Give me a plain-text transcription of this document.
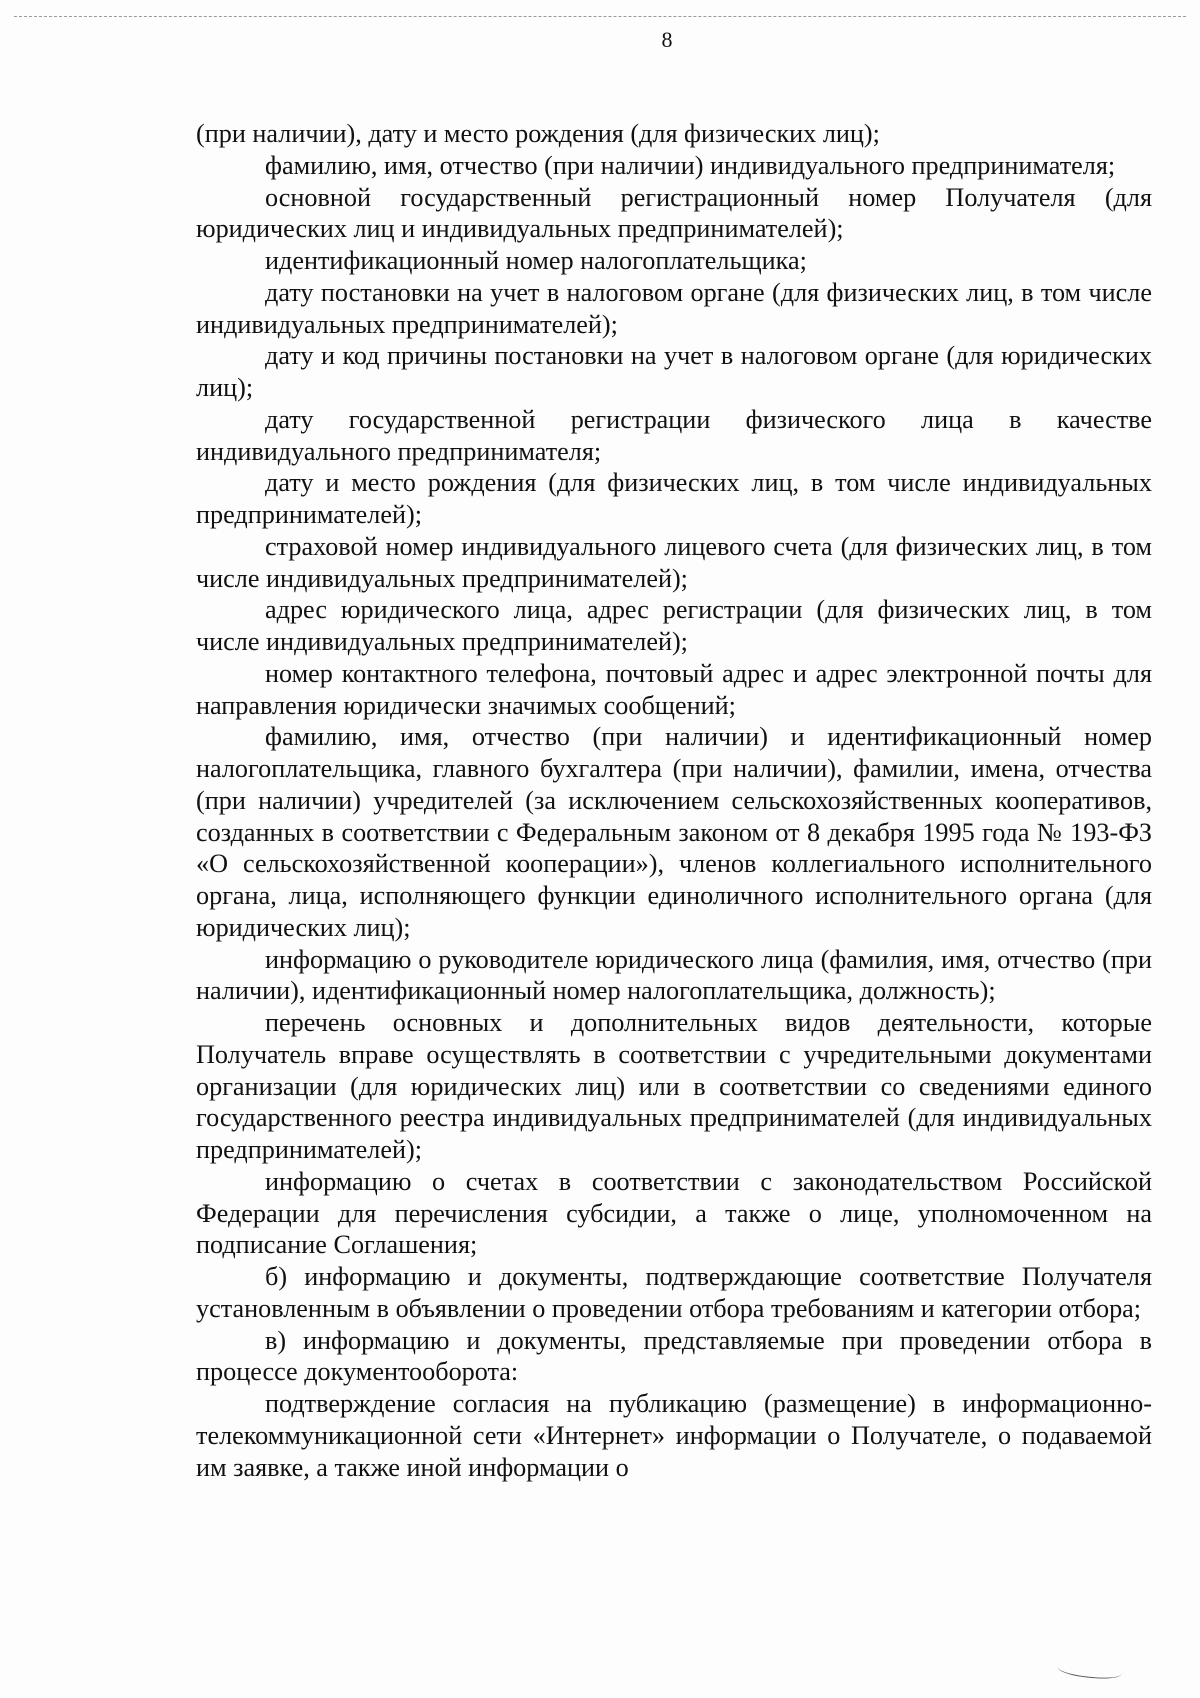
8

(при наличии), дату и место рождения (для физических лиц);

фамилию, имя, отчество (при наличии) индивидуального предпринимателя;

основной государственный регистрационный номер Получателя (для юридических лиц и индивидуальных предпринимателей);

идентификационный номер налогоплательщика;

дату постановки на учет в налоговом органе (для физических лиц, в том числе индивидуальных предпринимателей);

дату и код причины постановки на учет в налоговом органе (для юридических лиц);

дату государственной регистрации физического лица в качестве индивидуального предпринимателя;

дату и место рождения (для физических лиц, в том числе индивидуальных предпринимателей);

страховой номер индивидуального лицевого счета (для физических лиц, в том числе индивидуальных предпринимателей);

адрес юридического лица, адрес регистрации (для физических лиц, в том числе индивидуальных предпринимателей);

номер контактного телефона, почтовый адрес и адрес электронной почты для направления юридически значимых сообщений;

фамилию, имя, отчество (при наличии) и идентификационный номер налогоплательщика, главного бухгалтера (при наличии), фамилии, имена, отчества (при наличии) учредителей (за исключением сельскохозяйственных кооперативов, созданных в соответствии с Федеральным законом от 8 декабря 1995 года № 193-ФЗ «О сельскохозяйственной кооперации»), членов коллегиального исполнительного органа, лица, исполняющего функции единоличного исполнительного органа (для юридических лиц);

информацию о руководителе юридического лица (фамилия, имя, отчество (при наличии), идентификационный номер налогоплательщика, должность);

перечень основных и дополнительных видов деятельности, которые Получатель вправе осуществлять в соответствии с учредительными документами организации (для юридических лиц) или в соответствии со сведениями единого государственного реестра индивидуальных предпринимателей (для индивидуальных предпринимателей);

информацию о счетах в соответствии с законодательством Российской Федерации для перечисления субсидии, а также о лице, уполномоченном на подписание Соглашения;

б) информацию и документы, подтверждающие соответствие Получателя установленным в объявлении о проведении отбора требованиям и категории отбора;

в) информацию и документы, представляемые при проведении отбора в процессе документооборота:

подтверждение согласия на публикацию (размещение) в информационно-телекоммуникационной сети «Интернет» информации о Получателе, о подаваемой им заявке, а также иной информации о
